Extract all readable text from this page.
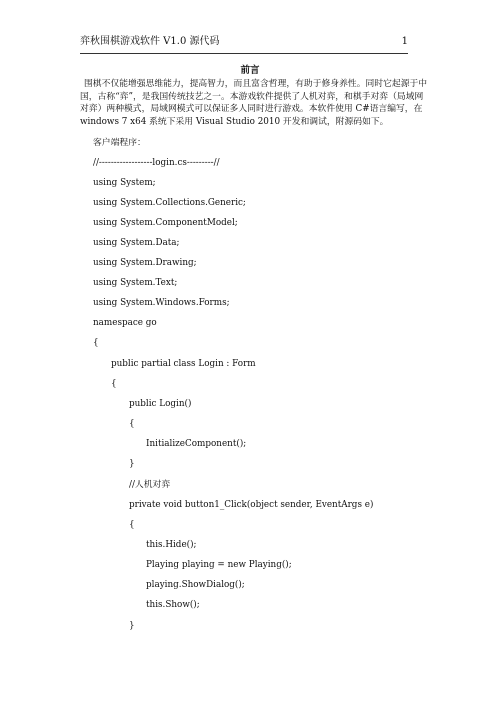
弈秋围棋游戏软件 V1.0 源代码	1
前言
围棋不仅能增强思维能力，提高智力，而且富含哲理，有助于修身养性。同时它起源于中
国，古称“弈”，是我国传统技艺之一。本游戏软件提供了人机对弈，和棋手对弈（局域网
对弈）两种模式，局域网模式可以保证多人同时进行游戏。本软件使用 C#语言编写，在
windows 7 x64 系统下采用 Visual Studio 2010 开发和调试，附源码如下。
客户端程序：
//------------------login.cs---------//
using System;
using System.Collections.Generic;
using System.ComponentModel;
using System.Data;
using System.Drawing;
using System.Text;
using System.Windows.Forms;
namespace go
{
public partial class Login : Form
{
public Login()
{
InitializeComponent();
}
//人机对弈
private void button1_Click(object sender, EventArgs e)
{
this.Hide();
Playing playing = new Playing();
playing.ShowDialog();
this.Show();
}
